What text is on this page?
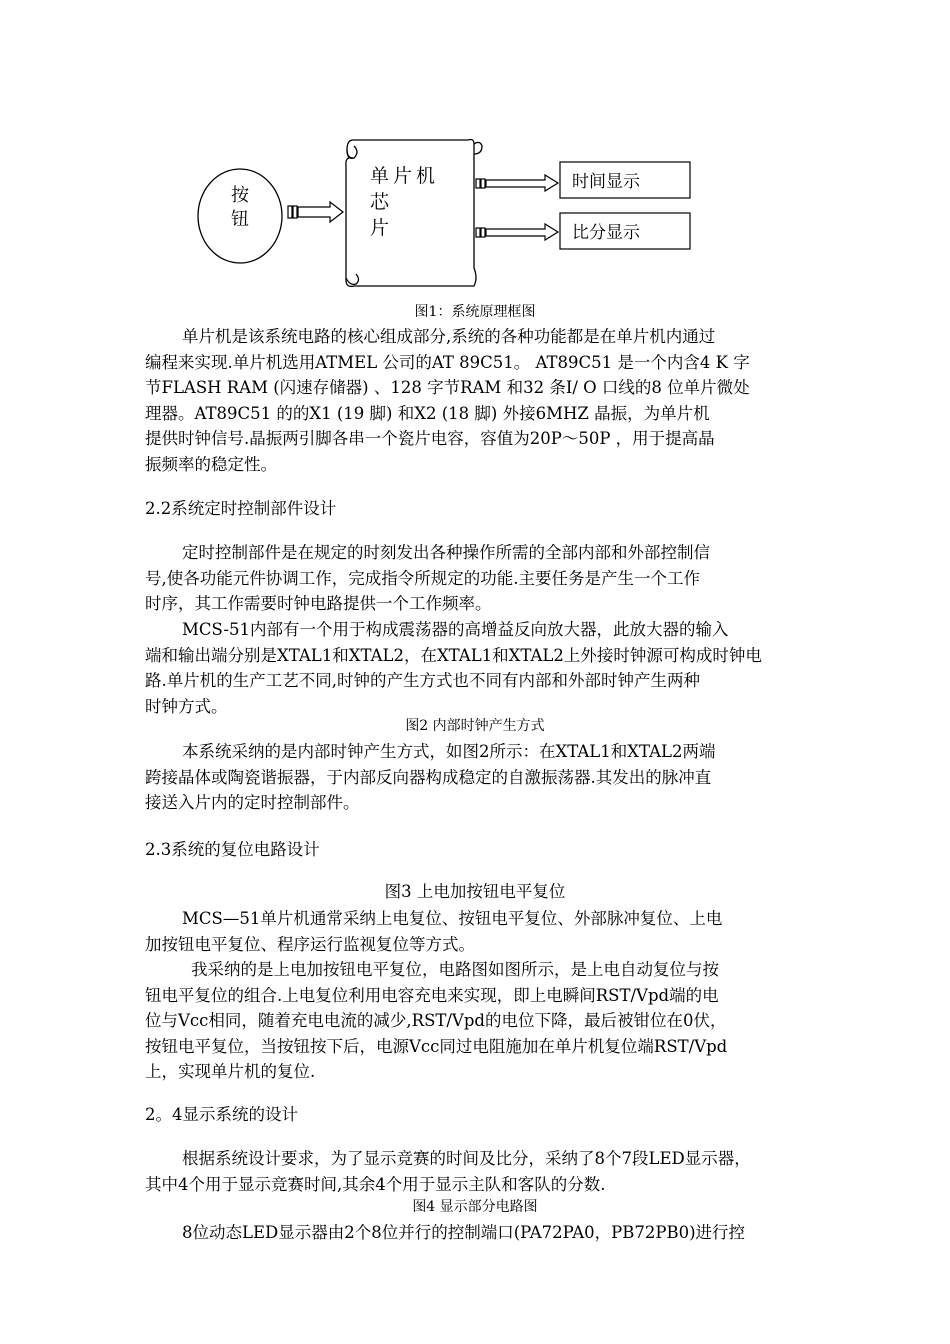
按
钮
单片机
芯
片
时间显示
比分显示
图1：系统原理框图

单片机是该系统电路的核心组成部分,系统的各种功能都是在单片机内通过

编程来实现.单片机选用ATMEL 公司的AT 89C51。 AT89C51 是一个内含4 K 字

节FLASH RAM (闪速存储器) 、128 字节RAM 和32 条I/ O 口线的8 位单片微处

理器。AT89C51 的的X1 (19 脚) 和X2 (18 脚) 外接6MHZ 晶振，为单片机

提供时钟信号.晶振两引脚各串一个瓷片电容，容值为20P～50P ，用于提高晶

振频率的稳定性。

2.2系统定时控制部件设计

定时控制部件是在规定的时刻发出各种操作所需的全部内部和外部控制信

号,使各功能元件协调工作，完成指令所规定的功能.主要任务是产生一个工作

时序，其工作需要时钟电路提供一个工作频率。

MCS-51内部有一个用于构成震荡器的高增益反向放大器，此放大器的输入

端和输出端分别是XTAL1和XTAL2，在XTAL1和XTAL2上外接时钟源可构成时钟电

路.单片机的生产工艺不同,时钟的产生方式也不同有内部和外部时钟产生两种

时钟方式。

图2 内部时钟产生方式

本系统采纳的是内部时钟产生方式，如图2所示：在XTAL1和XTAL2两端

跨接晶体或陶瓷谐振器，于内部反向器构成稳定的自激振荡器.其发出的脉冲直

接送入片内的定时控制部件。

2.3系统的复位电路设计
图3 上电加按钮电平复位

MCS—51单片机通常采纳上电复位、按钮电平复位、外部脉冲复位、上电

加按钮电平复位、程序运行监视复位等方式。

我采纳的是上电加按钮电平复位，电路图如图所示，是上电自动复位与按

钮电平复位的组合.上电复位利用电容充电来实现，即上电瞬间RST/Vpd端的电

位与Vcc相同，随着充电电流的减少,RST/Vpd的电位下降，最后被钳位在0伏，

按钮电平复位，当按钮按下后，电源Vcc同过电阻施加在单片机复位端RST/Vpd

上，实现单片机的复位.

2。4显示系统的设计

根据系统设计要求，为了显示竞赛的时间及比分，采纳了8个7段LED显示器，

其中4个用于显示竞赛时间,其余4个用于显示主队和客队的分数.

图4 显示部分电路图

8位动态LED显示器由2个8位并行的控制端口(PA72PA0，PB72PB0)进行控
